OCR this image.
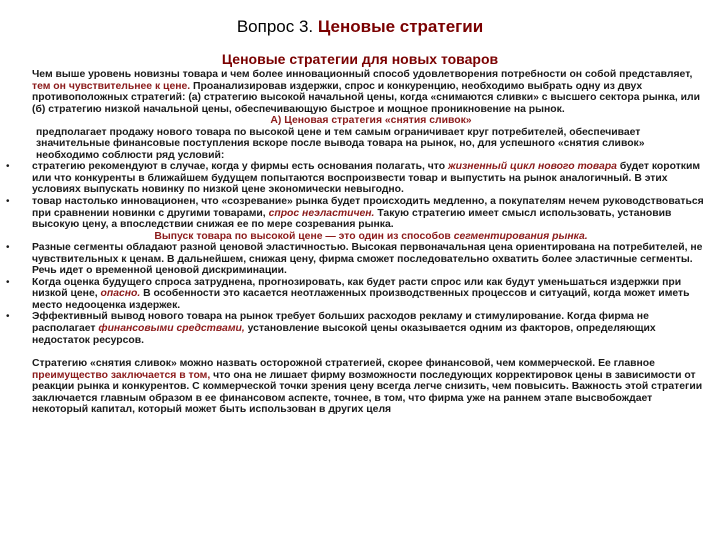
Вопрос 3. Ценовые стратегии
Ценовые стратегии для новых товаров

Чем выше уровень новизны товара и чем более инновационный способ удовлетворения потребности он собой представляет, тем он чувствительнее к цене. Проанализировав издержки, спрос и конкуренцию, необходимо выбрать одну из двух противоположных стратегий: (а) стратегию высокой начальной цены, когда «снимаются сливки» с высшего сектора рынка, или (б) стратегию низкой начальной цены, обеспечивающую быстрое и мощное проникновение на рынок.

А) Ценовая стратегия «снятия сливок»

предполагает продажу нового товара по высокой цене и тем самым ограничивает круг потребителей, обеспечивает значительные финансовые поступления вскоре после вывода товара на рынок, но, для успешного «снятия сливок» необходимо соблюсти ряд условий:

• стратегию рекомендуют в случае, когда у фирмы есть основания полагать, что жизненный цикл нового товара будет коротким или что конкуренты в ближайшем будущем попытаются воспроизвести товар и выпустить на рынок аналогичный. В этих условиях выпускать новинку по низкой цене экономически невыгодно.
• товар настолько инновационен, что «созревание» рынка будет происходить медленно, а покупателям нечем руководствоваться при сравнении новинки с другими товарами, спрос неэластичен. Такую стратегию имеет смысл использовать, установив высокую цену, а впоследствии снижая ее по мере созревания рынка.

Выпуск товара по высокой цене — это один из способов сегментирования рынка.

• Разные сегменты обладают разной ценовой эластичностью. Высокая первоначальная цена ориентирована на потребителей, не чувствительных к ценам. В дальнейшем, снижая цену, фирма сможет последовательно охватить более эластичные сегменты. Речь идет о временной ценовой дискриминации.
• Когда оценка будущего спроса затруднена, прогнозировать, как будет расти спрос или как будут уменьшаться издержки при низкой цене, опасно. В особенности это касается неотлаженных производственных процессов и ситуаций, когда может иметь место недооценка издержек.
• Эффективный вывод нового товара на рынок требует больших расходов рекламу и стимулирование. Когда фирма не располагает финансовыми средствами, установление высокой цены оказывается одним из факторов, определяющих недостаток ресурсов.

Стратегию «снятия сливок» можно назвать осторожной стратегией, скорее финансовой, чем коммерческой. Ее главное преимущество заключается в том, что она не лишает фирму возможности последующих корректировок цены в зависимости от реакции рынка и конкурентов. С коммерческой точки зрения цену всегда легче снизить, чем повысить. Важность этой стратегии заключается главным образом в ее финансовом аспекте, точнее, в том, что фирма уже на раннем этапе высвобождает некоторый капитал, который может быть использован в других целя
